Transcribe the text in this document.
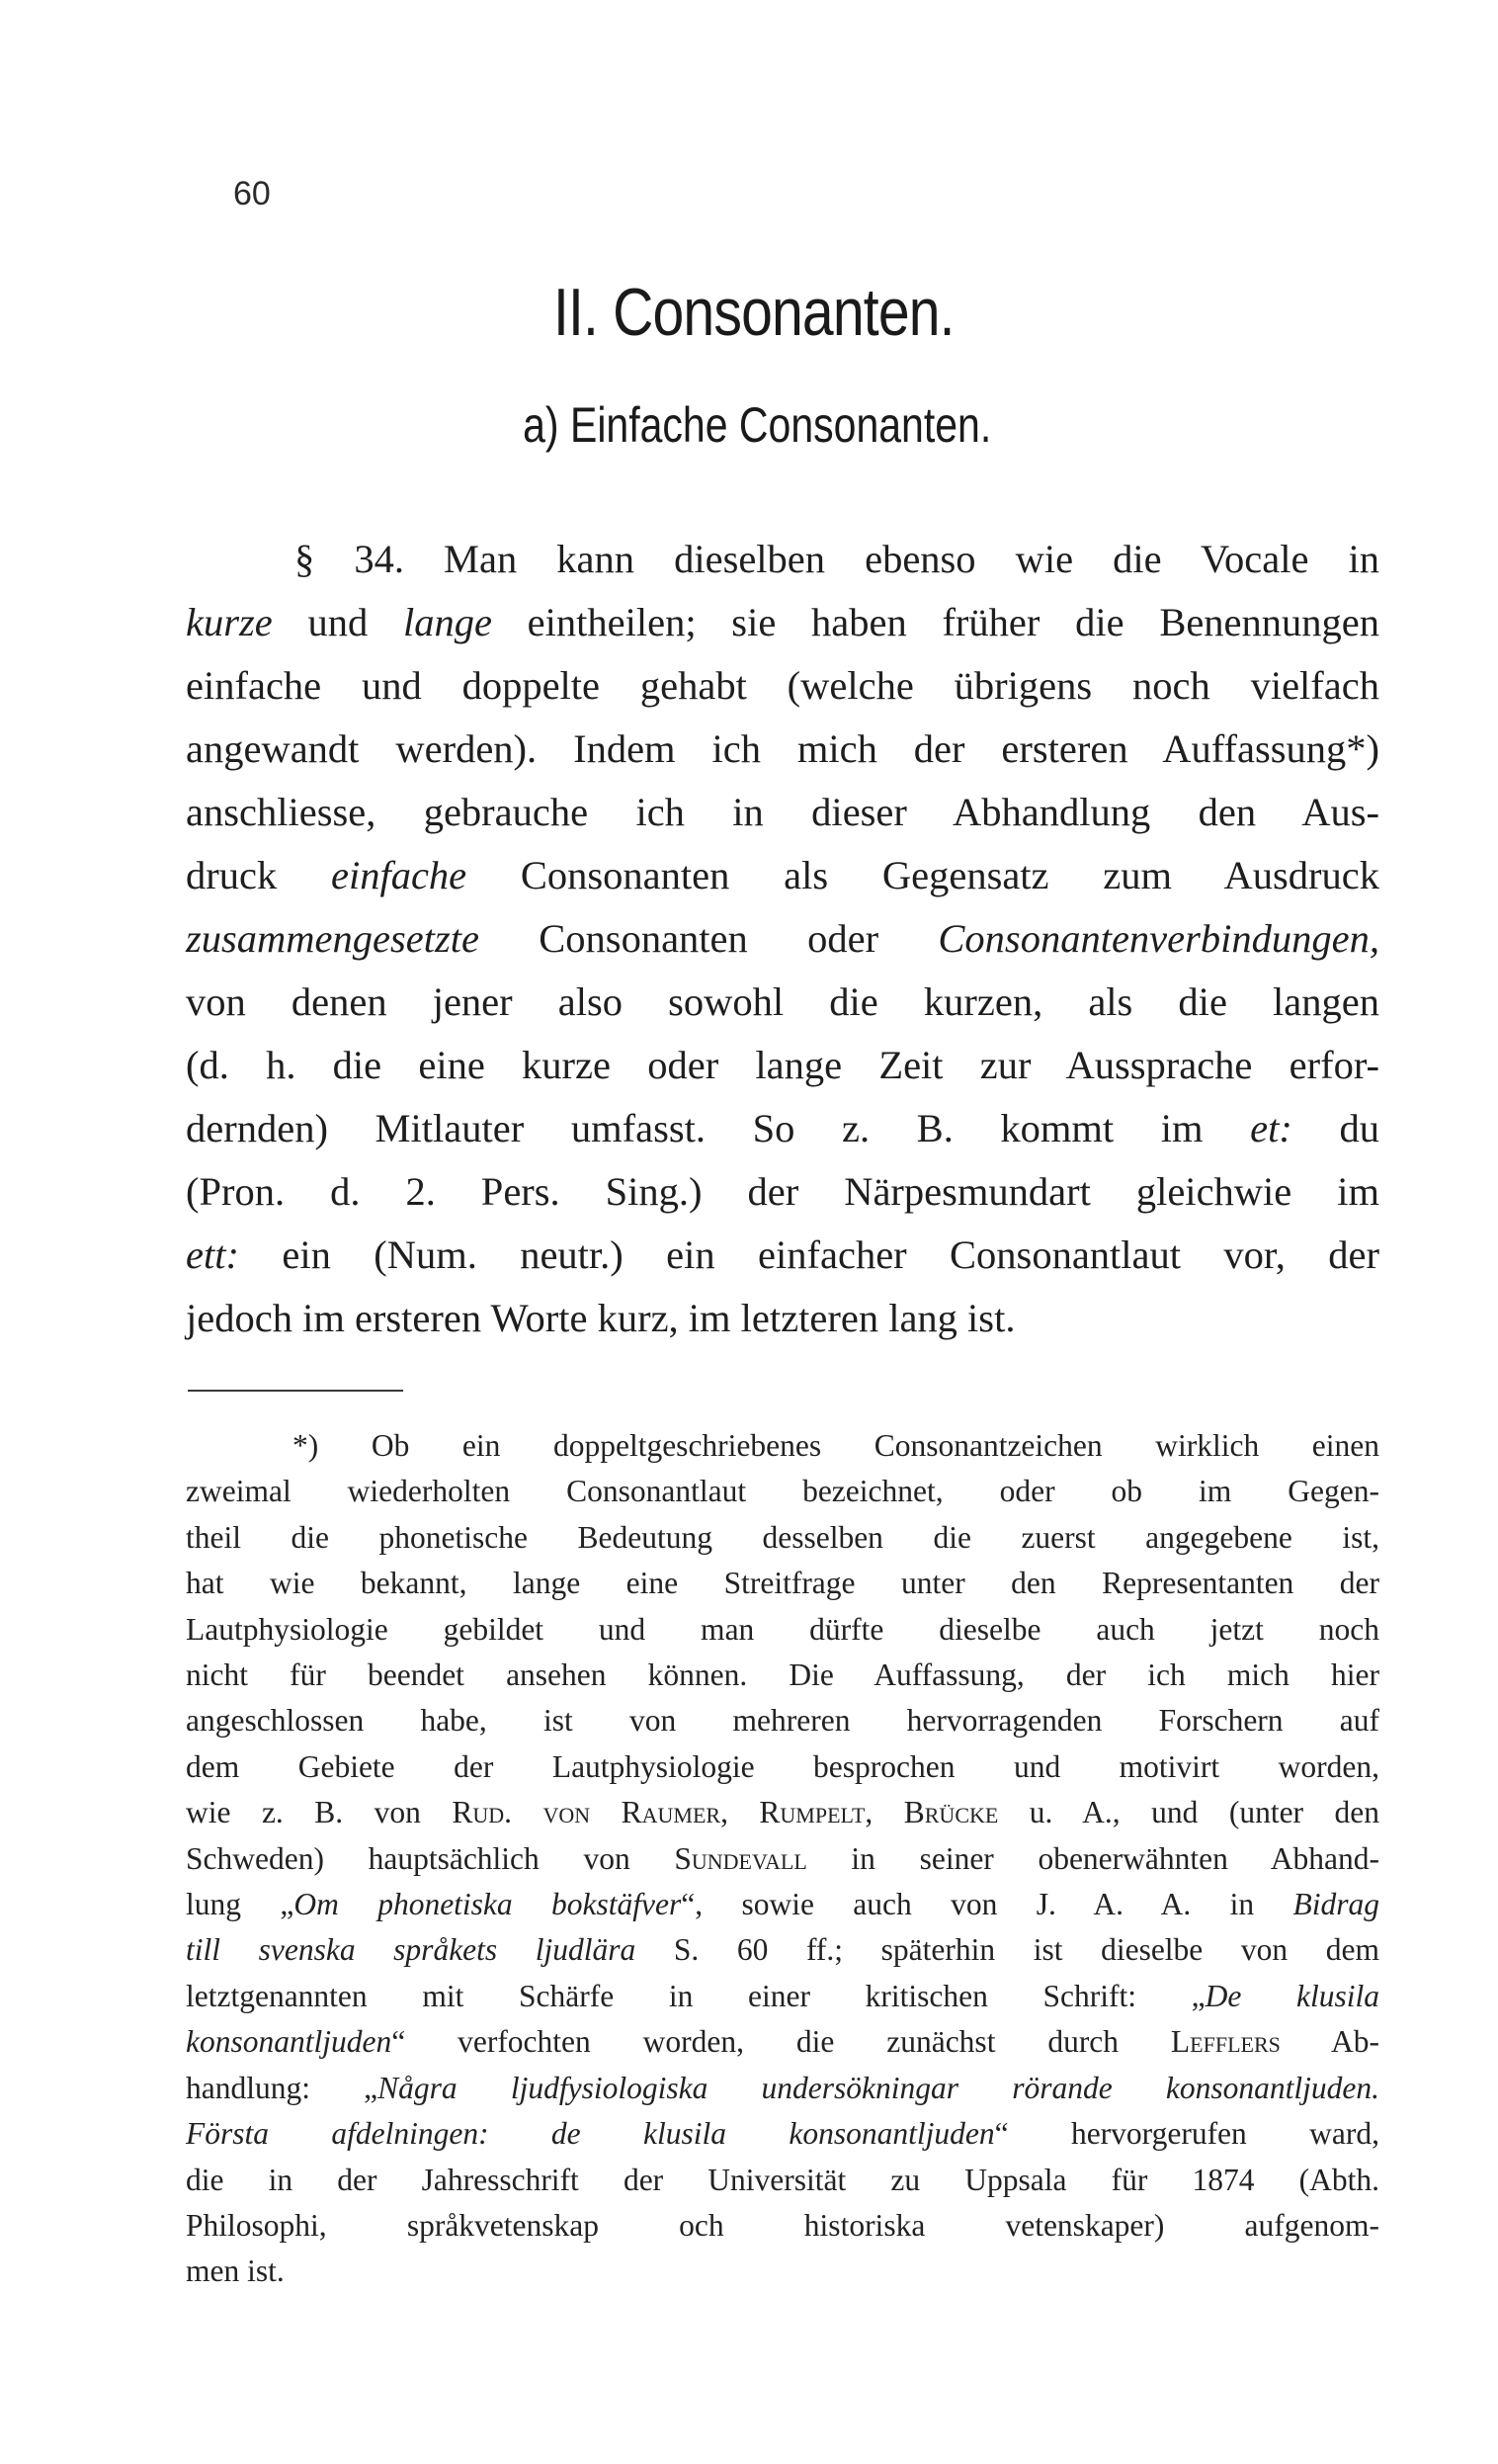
60
II. Consonanten.
a) Einfache Consonanten.
§ 34. Man kann dieselben ebenso wie die Vocale in
kurze und lange eintheilen; sie haben früher die Benennungen
einfache und doppelte gehabt (welche übrigens noch vielfach
angewandt werden). Indem ich mich der ersteren Auffassung*)
anschliesse, gebrauche ich in dieser Abhandlung den Aus-
druck einfache Consonanten als Gegensatz zum Ausdruck
zusammengesetzte Consonanten oder Consonantenverbindungen,
von denen jener also sowohl die kurzen, als die langen
(d. h. die eine kurze oder lange Zeit zur Aussprache erfor-
dernden) Mitlauter umfasst. So z. B. kommt im et: du
(Pron. d. 2. Pers. Sing.) der Närpesmundart gleichwie im
ett: ein (Num. neutr.) ein einfacher Consonantlaut vor, der
jedoch im ersteren Worte kurz, im letzteren lang ist.
*) Ob ein doppeltgeschriebenes Consonantzeichen wirklich einen
zweimal wiederholten Consonantlaut bezeichnet, oder ob im Gegen-
theil die phonetische Bedeutung desselben die zuerst angegebene ist,
hat wie bekannt, lange eine Streitfrage unter den Representanten der
Lautphysiologie gebildet und man dürfte dieselbe auch jetzt noch
nicht für beendet ansehen können. Die Auffassung, der ich mich hier
angeschlossen habe, ist von mehreren hervorragenden Forschern auf
dem Gebiete der Lautphysiologie besprochen und motivirt worden,
wie z. B. von Rud. von Raumer, Rumpelt, Brücke u. A., und (unter den
Schweden) hauptsächlich von Sundevall in seiner obenerwähnten Abhand-
lung „Om phonetiska bokstäfver“, sowie auch von J. A. A. in Bidrag
till svenska språkets ljudlära S. 60 ff.; späterhin ist dieselbe von dem
letztgenannten mit Schärfe in einer kritischen Schrift: „De klusila
konsonantljuden“ verfochten worden, die zunächst durch Lefflers Ab-
handlung: „Några ljudfysiologiska undersökningar rörande konsonantljuden.
Första afdelningen: de klusila konsonantljuden“ hervorgerufen ward,
die in der Jahresschrift der Universität zu Uppsala für 1874 (Abth.
Philosophi, språkvetenskap och historiska vetenskaper) aufgenom-
men ist.
